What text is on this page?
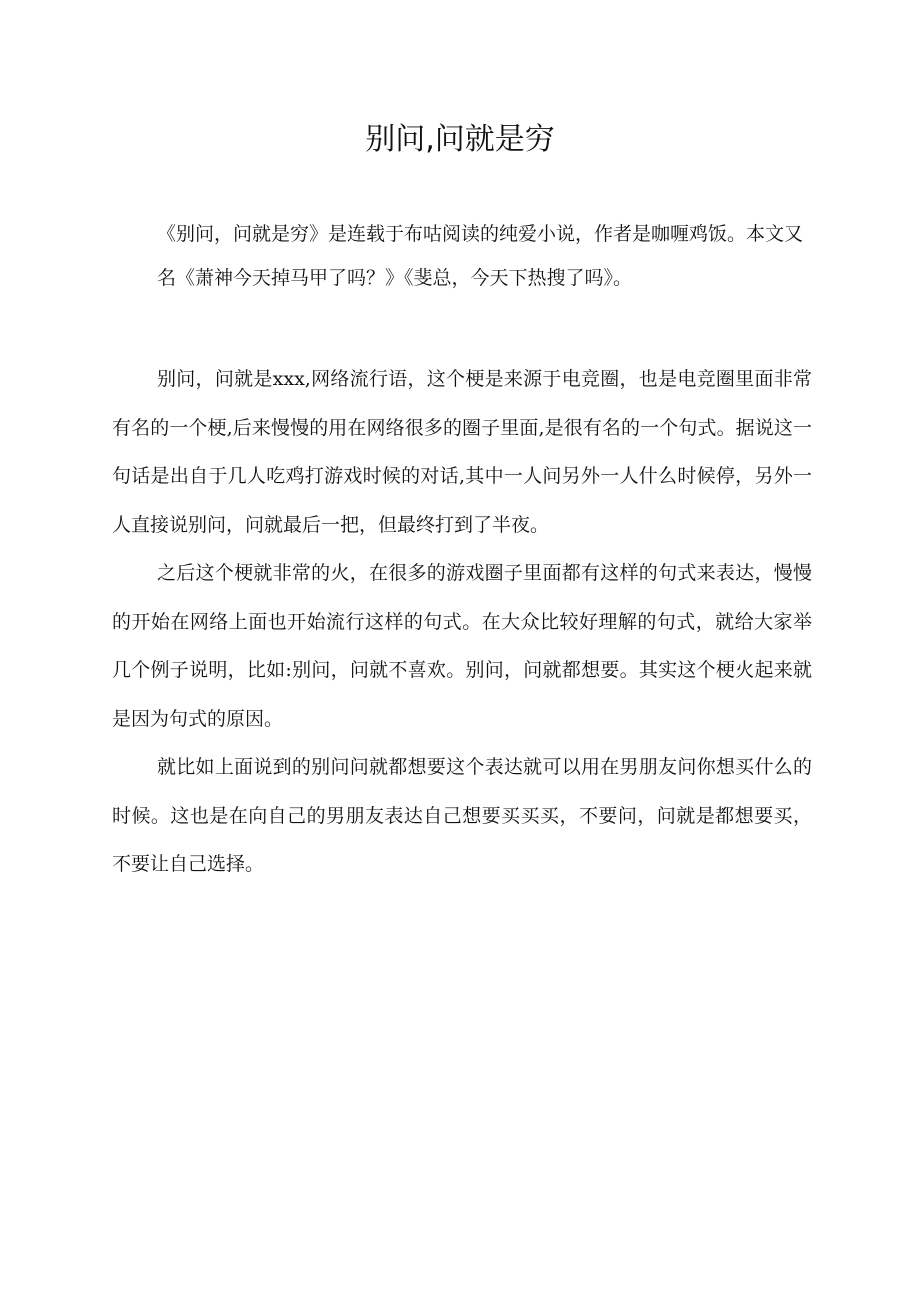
别问,问就是穷

《别问，问就是穷》是连载于布咕阅读的纯爱小说，作者是咖喱鸡饭。本文又名《萧神今天掉马甲了吗？》《斐总，今天下热搜了吗》。

别问，问就是xxx,网络流行语，这个梗是来源于电竞圈，也是电竞圈里面非常有名的一个梗,后来慢慢的用在网络很多的圈子里面,是很有名的一个句式。据说这一句话是出自于几人吃鸡打游戏时候的对话,其中一人问另外一人什么时候停，另外一人直接说别问，问就最后一把，但最终打到了半夜。

之后这个梗就非常的火，在很多的游戏圈子里面都有这样的句式来表达，慢慢的开始在网络上面也开始流行这样的句式。在大众比较好理解的句式，就给大家举几个例子说明，比如:别问，问就不喜欢。别问，问就都想要。其实这个梗火起来就是因为句式的原因。

就比如上面说到的别问问就都想要这个表达就可以用在男朋友问你想买什么的时候。这也是在向自己的男朋友表达自己想要买买买，不要问，问就是都想要买，不要让自己选择。
